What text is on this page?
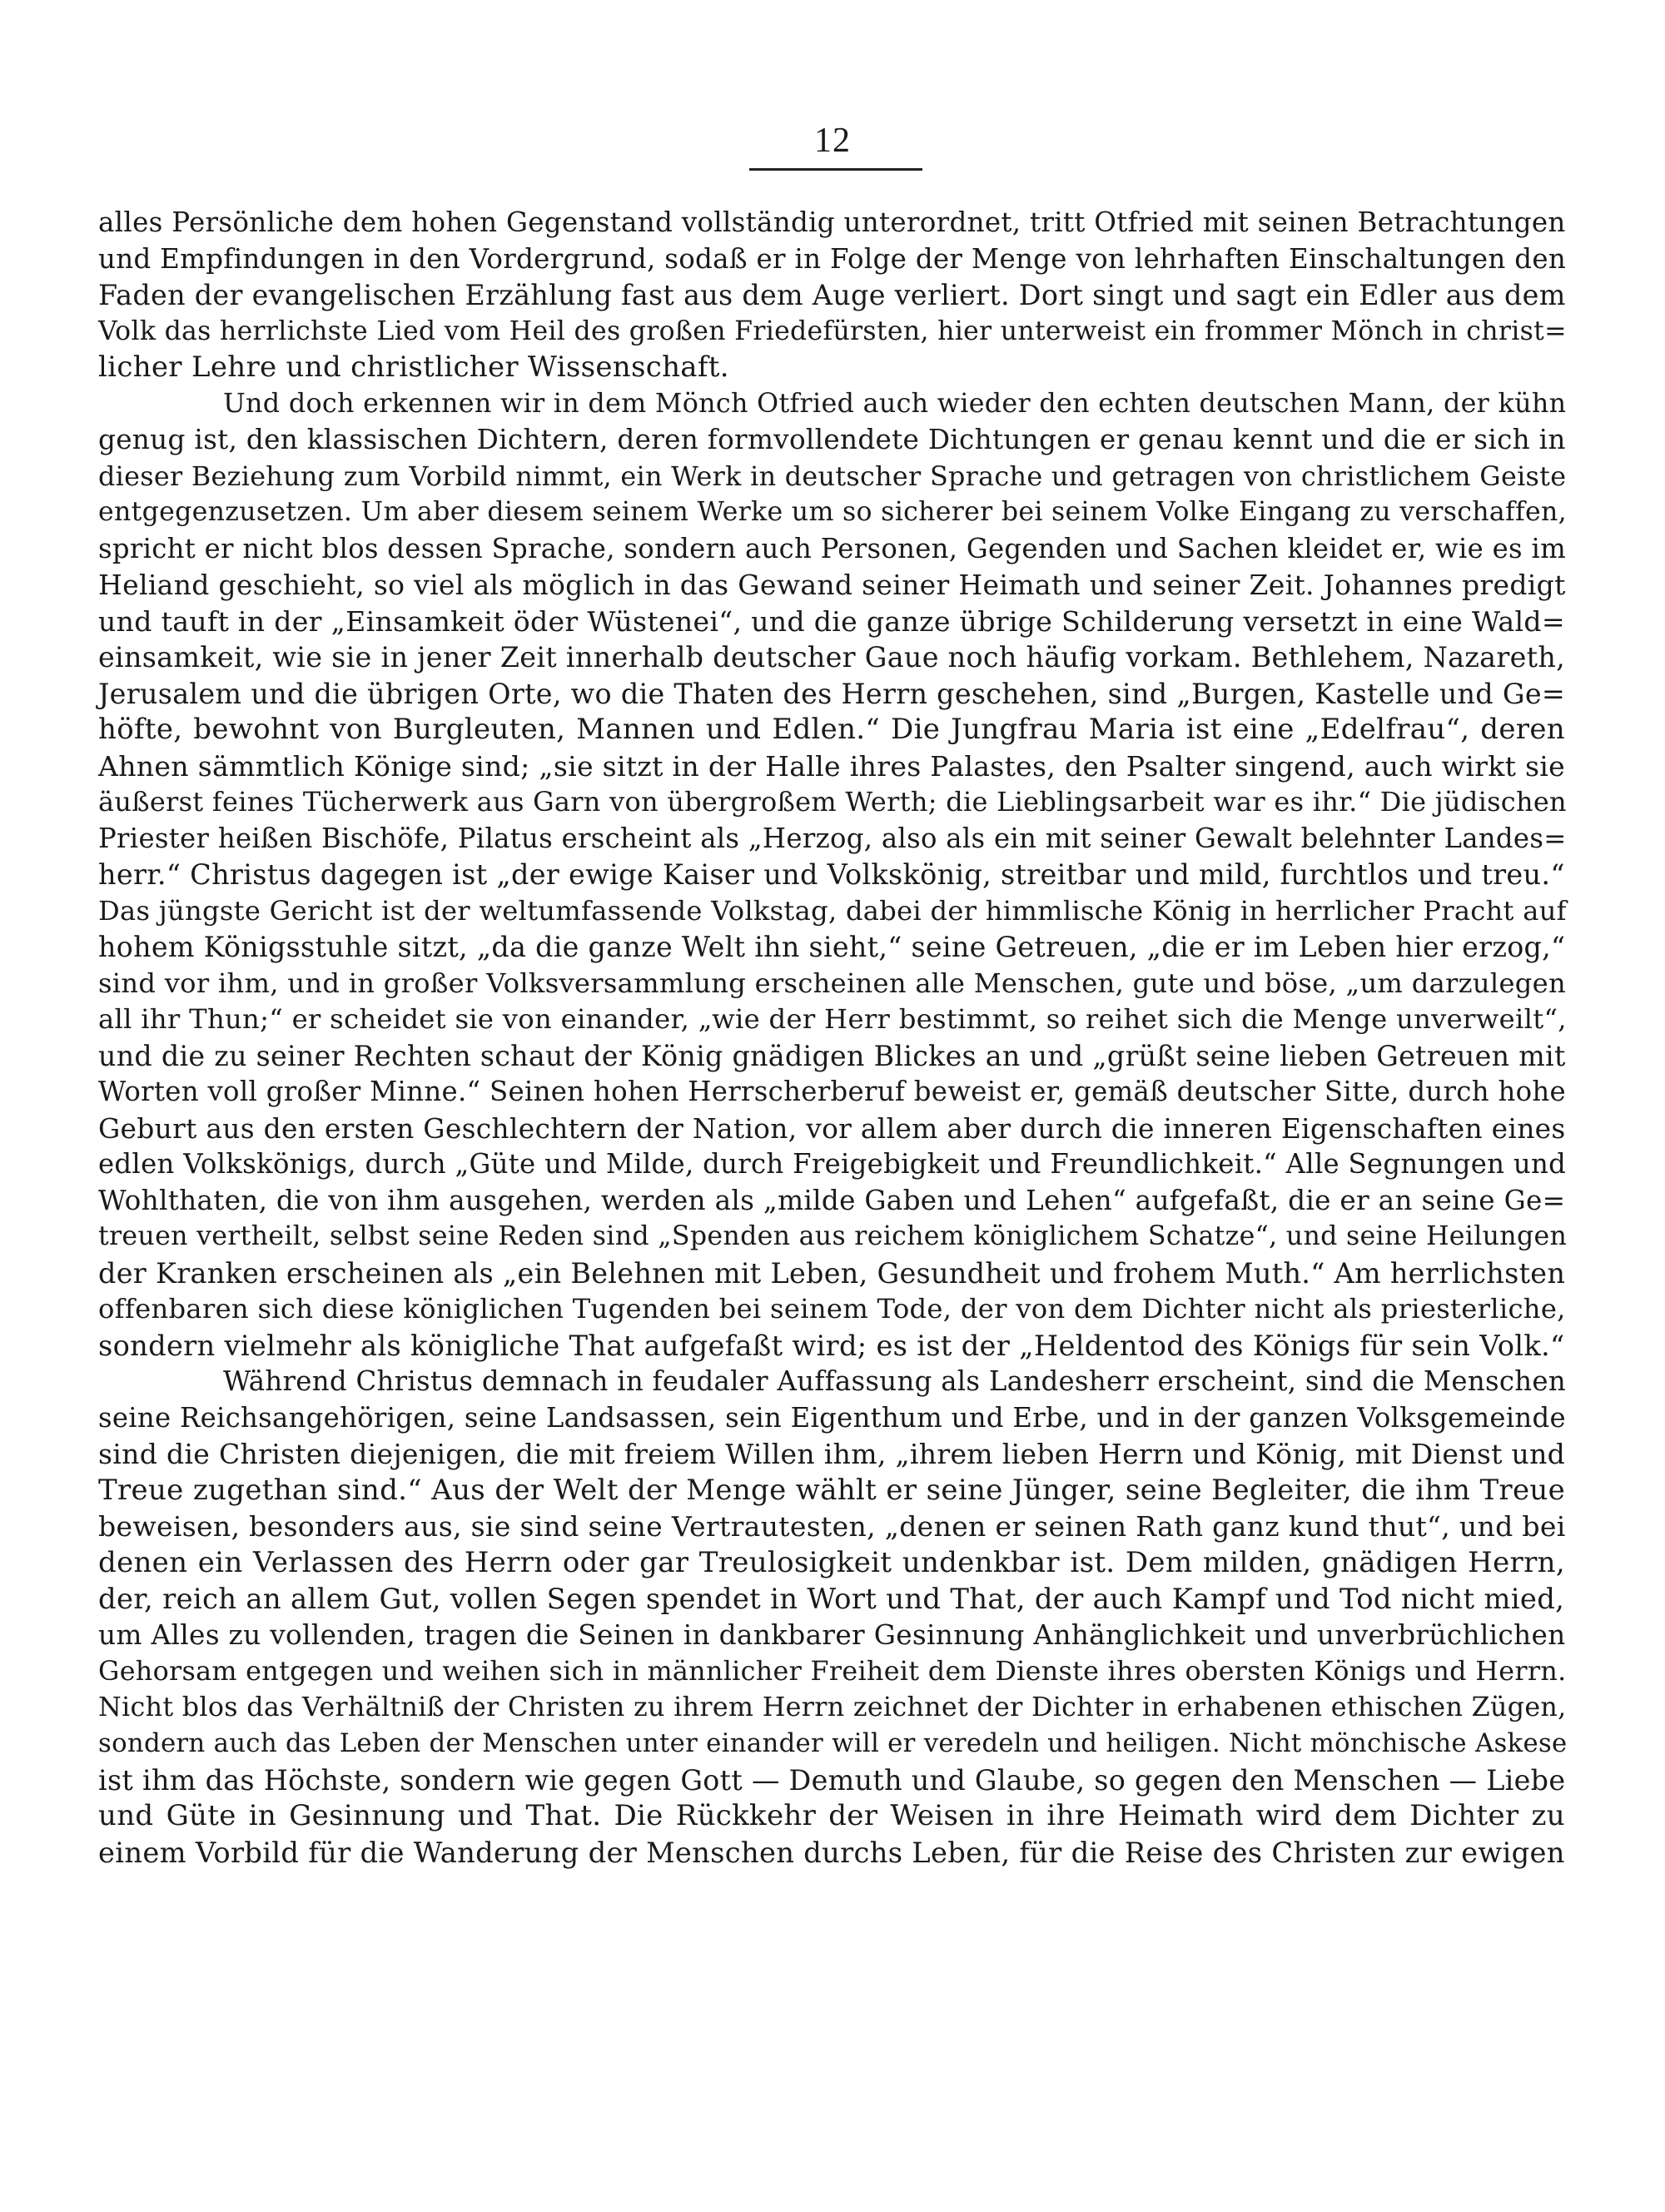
12
alles Persönliche dem hohen Gegenstand vollständig unterordnet, tritt Otfried mit seinen Betrachtungen
und Empfindungen in den Vordergrund, sodaß er in Folge der Menge von lehrhaften Einschaltungen den
Faden der evangelischen Erzählung fast aus dem Auge verliert. Dort singt und sagt ein Edler aus dem
Volk das herrlichste Lied vom Heil des großen Friedefürsten, hier unterweist ein frommer Mönch in christ=
licher Lehre und christlicher Wissenschaft.
Und doch erkennen wir in dem Mönch Otfried auch wieder den echten deutschen Mann, der kühn
genug ist, den klassischen Dichtern, deren formvollendete Dichtungen er genau kennt und die er sich in
dieser Beziehung zum Vorbild nimmt, ein Werk in deutscher Sprache und getragen von christlichem Geiste
entgegenzusetzen. Um aber diesem seinem Werke um so sicherer bei seinem Volke Eingang zu verschaffen,
spricht er nicht blos dessen Sprache, sondern auch Personen, Gegenden und Sachen kleidet er, wie es im
Heliand geschieht, so viel als möglich in das Gewand seiner Heimath und seiner Zeit. Johannes predigt
und tauft in der „Einsamkeit öder Wüstenei“, und die ganze übrige Schilderung versetzt in eine Wald=
einsamkeit, wie sie in jener Zeit innerhalb deutscher Gaue noch häufig vorkam. Bethlehem, Nazareth,
Jerusalem und die übrigen Orte, wo die Thaten des Herrn geschehen, sind „Burgen, Kastelle und Ge=
höfte, bewohnt von Burgleuten, Mannen und Edlen.“ Die Jungfrau Maria ist eine „Edelfrau“, deren
Ahnen sämmtlich Könige sind; „sie sitzt in der Halle ihres Palastes, den Psalter singend, auch wirkt sie
äußerst feines Tücherwerk aus Garn von übergroßem Werth; die Lieblingsarbeit war es ihr.“ Die jüdischen
Priester heißen Bischöfe, Pilatus erscheint als „Herzog, also als ein mit seiner Gewalt belehnter Landes=
herr.“ Christus dagegen ist „der ewige Kaiser und Volkskönig, streitbar und mild, furchtlos und treu.“
Das jüngste Gericht ist der weltumfassende Volkstag, dabei der himmlische König in herrlicher Pracht auf
hohem Königsstuhle sitzt, „da die ganze Welt ihn sieht,“ seine Getreuen, „die er im Leben hier erzog,“
sind vor ihm, und in großer Volksversammlung erscheinen alle Menschen, gute und böse, „um darzulegen
all ihr Thun;“ er scheidet sie von einander, „wie der Herr bestimmt, so reihet sich die Menge unverweilt“,
und die zu seiner Rechten schaut der König gnädigen Blickes an und „grüßt seine lieben Getreuen mit
Worten voll großer Minne.“ Seinen hohen Herrscherberuf beweist er, gemäß deutscher Sitte, durch hohe
Geburt aus den ersten Geschlechtern der Nation, vor allem aber durch die inneren Eigenschaften eines
edlen Volkskönigs, durch „Güte und Milde, durch Freigebigkeit und Freundlichkeit.“ Alle Segnungen und
Wohlthaten, die von ihm ausgehen, werden als „milde Gaben und Lehen“ aufgefaßt, die er an seine Ge=
treuen vertheilt, selbst seine Reden sind „Spenden aus reichem königlichem Schatze“, und seine Heilungen
der Kranken erscheinen als „ein Belehnen mit Leben, Gesundheit und frohem Muth.“ Am herrlichsten
offenbaren sich diese königlichen Tugenden bei seinem Tode, der von dem Dichter nicht als priesterliche,
sondern vielmehr als königliche That aufgefaßt wird; es ist der „Heldentod des Königs für sein Volk.“
Während Christus demnach in feudaler Auffassung als Landesherr erscheint, sind die Menschen
seine Reichsangehörigen, seine Landsassen, sein Eigenthum und Erbe, und in der ganzen Volksgemeinde
sind die Christen diejenigen, die mit freiem Willen ihm, „ihrem lieben Herrn und König, mit Dienst und
Treue zugethan sind.“ Aus der Welt der Menge wählt er seine Jünger, seine Begleiter, die ihm Treue
beweisen, besonders aus, sie sind seine Vertrautesten, „denen er seinen Rath ganz kund thut“, und bei
denen ein Verlassen des Herrn oder gar Treulosigkeit undenkbar ist. Dem milden, gnädigen Herrn,
der, reich an allem Gut, vollen Segen spendet in Wort und That, der auch Kampf und Tod nicht mied,
um Alles zu vollenden, tragen die Seinen in dankbarer Gesinnung Anhänglichkeit und unverbrüchlichen
Gehorsam entgegen und weihen sich in männlicher Freiheit dem Dienste ihres obersten Königs und Herrn.
Nicht blos das Verhältniß der Christen zu ihrem Herrn zeichnet der Dichter in erhabenen ethischen Zügen,
sondern auch das Leben der Menschen unter einander will er veredeln und heiligen. Nicht mönchische Askese
ist ihm das Höchste, sondern wie gegen Gott — Demuth und Glaube, so gegen den Menschen — Liebe
und Güte in Gesinnung und That. Die Rückkehr der Weisen in ihre Heimath wird dem Dichter zu
einem Vorbild für die Wanderung der Menschen durchs Leben, für die Reise des Christen zur ewigen
